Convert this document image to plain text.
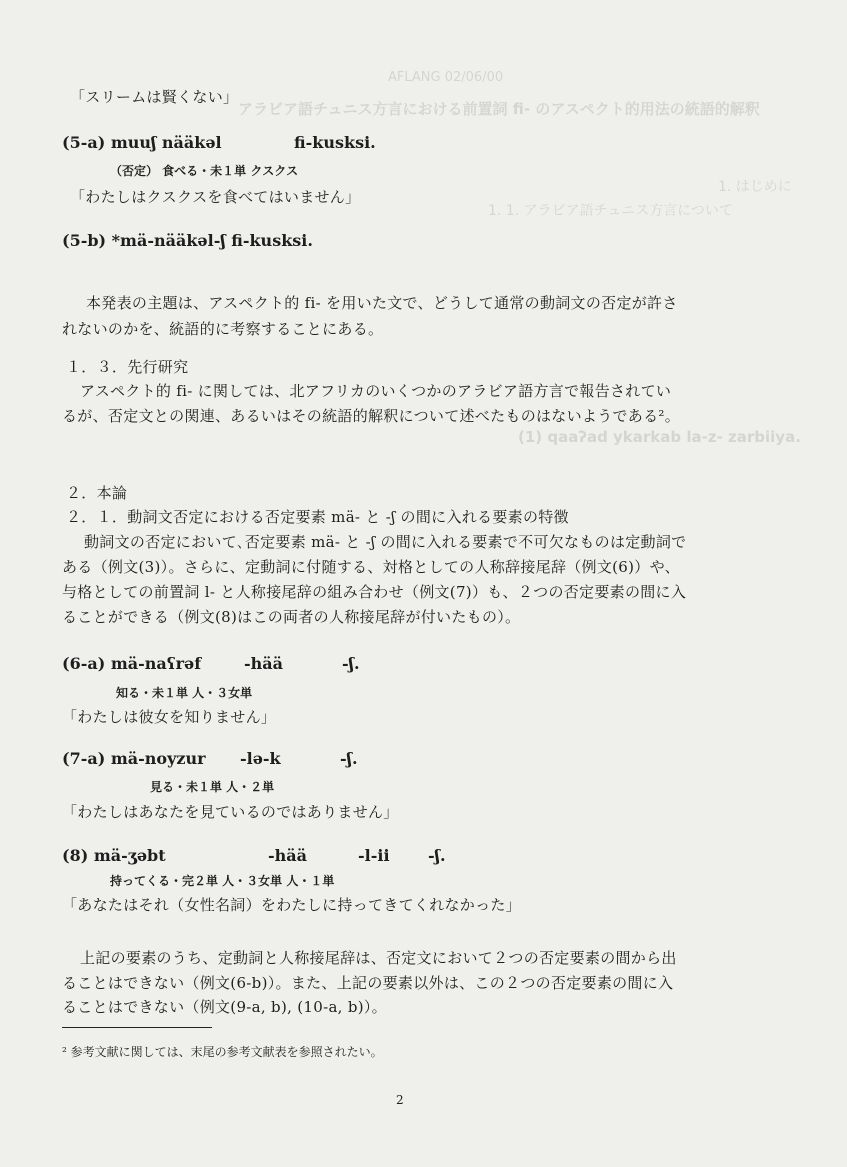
AFLANG 02/06/00
アラビア語チュニス方言における前置詞 fi- のアスペクト的用法の統語的解釈
1. はじめに
1. 1. アラビア語チュニス方言について
(1) qaaʔad ykarkab la-z- zarbiiya.
「スリームは賢くない」
(5-a) muuʃ nääkəl	fi-kusksi.
（否定） 食べる・未１単 クスクス
「わたしはクスクスを食べてはいません」
(5-b) *mä-nääkəl-ʃ fi-kusksi.
本発表の主題は、アスペクト的 fi- を用いた文で、どうして通常の動詞文の否定が許さ
れないのかを、統語的に考察することにある。
１．３．先行研究
アスペクト的 fi- に関しては、北アフリカのいくつかのアラビア語方言で報告されてい
るが、否定文との関連、あるいはその統語的解釈について述べたものはないようである²。
２．本論
２．１．動詞文否定における否定要素 mä- と -ʃ の間に入れる要素の特徴
動詞文の否定において､否定要素 mä- と -ʃ の間に入れる要素で不可欠なものは定動詞で
ある（例文(3)）。さらに、定動詞に付随する、対格としての人称辞接尾辞（例文(6)）や、
与格としての前置詞 l- と人称接尾辞の組み合わせ（例文(7)）も、２つの否定要素の間に入
ることができる（例文(8)はこの両者の人称接尾辞が付いたもの）。
(6-a) mä-naʕrəf	-hää	-ʃ.
知る・未１単 人・３女単
「わたしは彼女を知りません」
(7-a) mä-noyzur -lə-k	-ʃ.
見る・未１単 人・２単
「わたしはあなたを見ているのではありません」
(8) mä-ʒəbt	-hää	-l-ii -ʃ.
持ってくる・完２単 人・３女単 人・１単
「あなたはそれ（女性名詞）をわたしに持ってきてくれなかった」
上記の要素のうち、定動詞と人称接尾辞は、否定文において２つの否定要素の間から出
ることはできない（例文(6-b)）。また、上記の要素以外は、この２つの否定要素の間に入
ることはできない（例文(9-a, b), (10-a, b)）。
² 参考文献に関しては、末尾の参考文献表を参照されたい。
2
